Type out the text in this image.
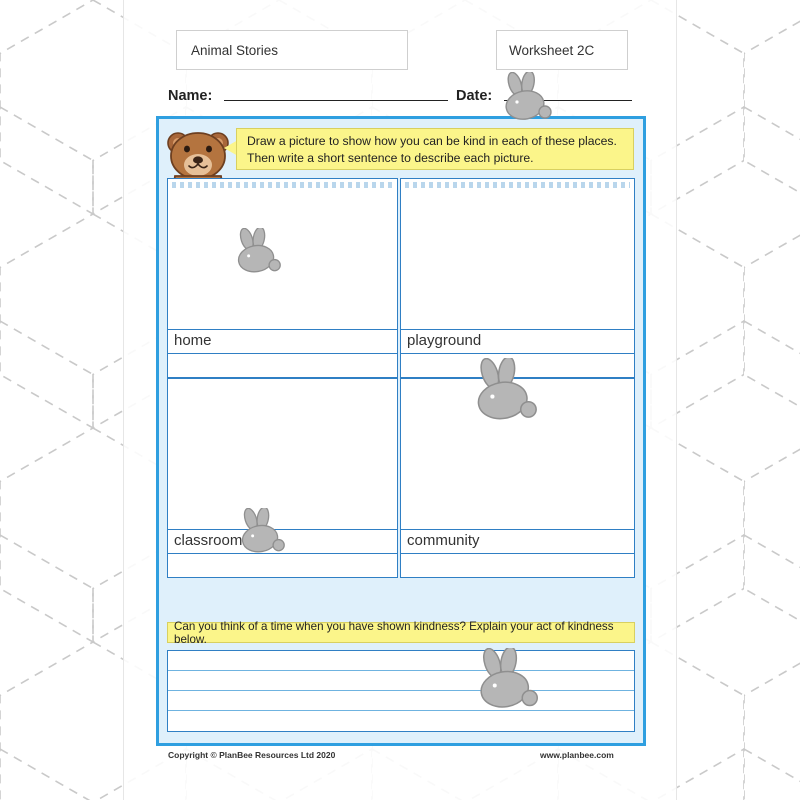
Animal Stories	Worksheet 2C
Name:	Date:
Draw a picture to show how you can be kind in each of these places. Then write a short sentence to describe each picture.
home	playground
classroom	community
Can you think of a time when you have shown kindness? Explain your act of kindness below.
Copyright © PlanBee Resources Ltd 2020	www.planbee.com
